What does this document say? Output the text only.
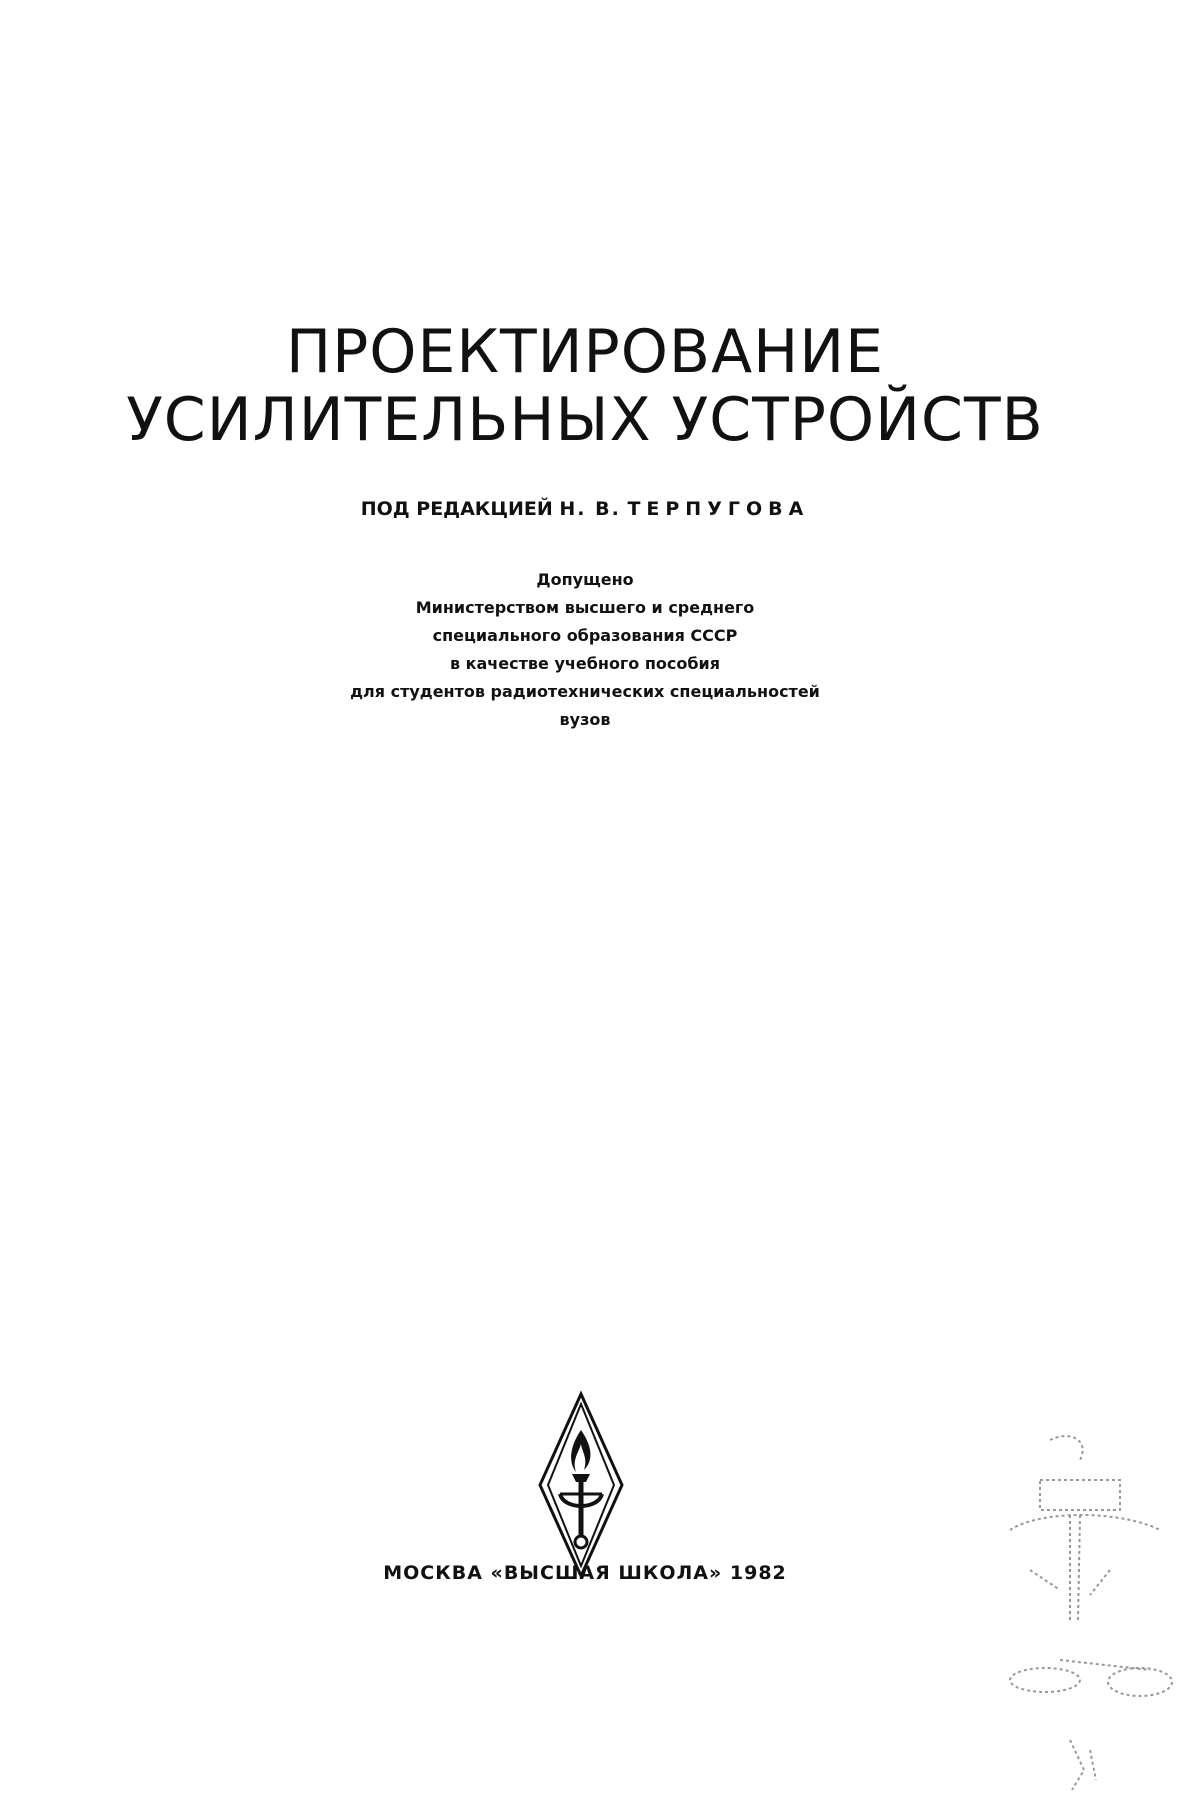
ПРОЕКТИРОВАНИЕ
УСИЛИТЕЛЬНЫХ УСТРОЙСТВ
ПОД РЕДАКЦИЕЙ Н. В. ТЕРПУГОВА
Допущено
Министерством высшего и среднего
специального образования СССР
в качестве учебного пособия
для студентов радиотехнических специальностей
вузов
МОСКВА «ВЫСШАЯ ШКОЛА» 1982
